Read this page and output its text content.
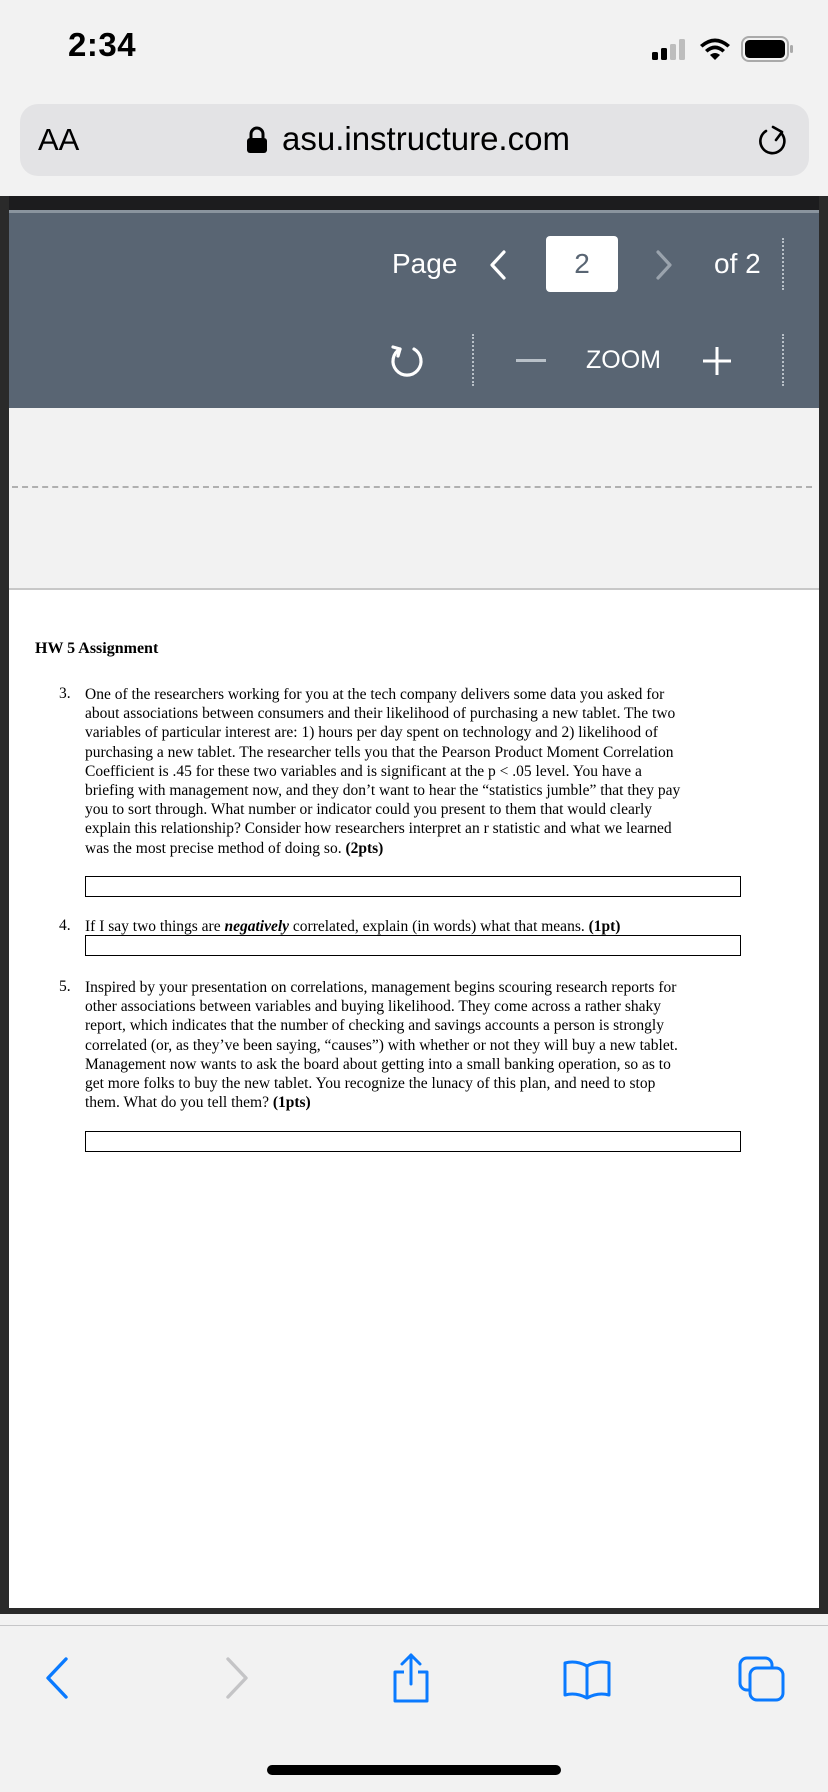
2:34
AA	asu.instructure.com
Page	2	of 2
ZOOM
HW 5 Assignment
3. One of the researchers working for you at the tech company delivers some data you asked for
about associations between consumers and their likelihood of purchasing a new tablet. The two
variables of particular interest are: 1) hours per day spent on technology and 2) likelihood of
purchasing a new tablet. The researcher tells you that the Pearson Product Moment Correlation
Coefficient is .45 for these two variables and is significant at the p < .05 level. You have a
briefing with management now, and they don’t want to hear the “statistics jumble” that they pay
you to sort through. What number or indicator could you present to them that would clearly
explain this relationship? Consider how researchers interpret an r statistic and what we learned
was the most precise method of doing so. (2pts)
4. If I say two things are negatively correlated, explain (in words) what that means. (1pt)
5. Inspired by your presentation on correlations, management begins scouring research reports for
other associations between variables and buying likelihood. They come across a rather shaky
report, which indicates that the number of checking and savings accounts a person is strongly
correlated (or, as they’ve been saying, “causes”) with whether or not they will buy a new tablet.
Management now wants to ask the board about getting into a small banking operation, so as to
get more folks to buy the new tablet. You recognize the lunacy of this plan, and need to stop
them. What do you tell them? (1pts)
